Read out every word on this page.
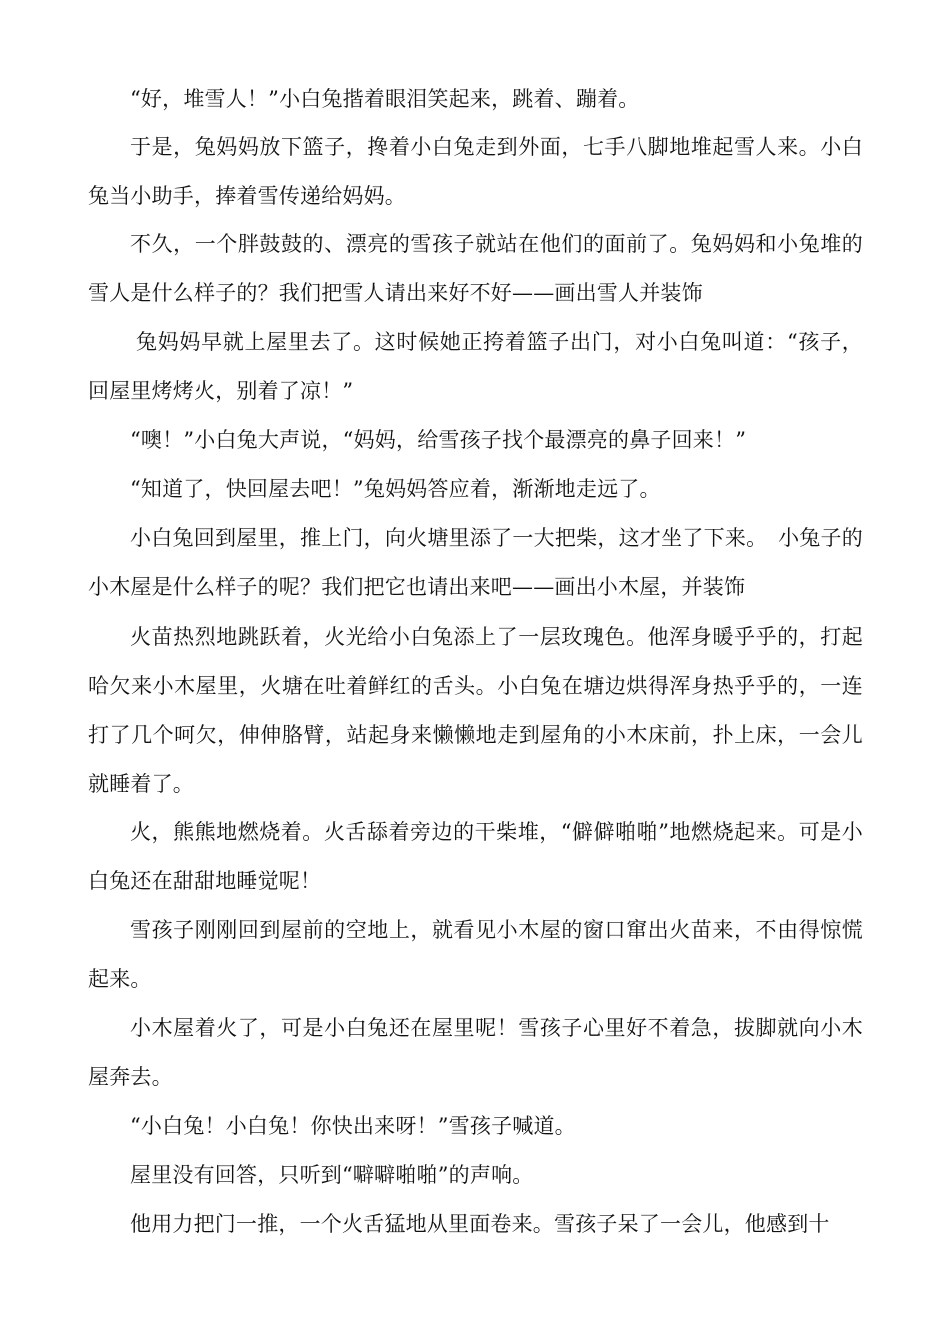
“好，堆雪人！”小白兔揩着眼泪笑起来，跳着、蹦着。

于是，兔妈妈放下篮子，搀着小白兔走到外面，七手八脚地堆起雪人来。小白兔当小助手，捧着雪传递给妈妈。

不久，一个胖鼓鼓的、漂亮的雪孩子就站在他们的面前了。兔妈妈和小兔堆的雪人是什么样子的？我们把雪人请出来好不好——画出雪人并装饰

兔妈妈早就上屋里去了。这时候她正挎着篮子出门，对小白兔叫道：“孩子，回屋里烤烤火，别着了凉！”

“噢！”小白兔大声说，“妈妈，给雪孩子找个最漂亮的鼻子回来！”

“知道了，快回屋去吧！”兔妈妈答应着，渐渐地走远了。

小白兔回到屋里，推上门，向火塘里添了一大把柴，这才坐了下来。　小兔子的小木屋是什么样子的呢？我们把它也请出来吧——画出小木屋，并装饰

火苗热烈地跳跃着，火光给小白兔添上了一层玫瑰色。他浑身暖乎乎的，打起哈欠来小木屋里，火塘在吐着鲜红的舌头。小白兔在塘边烘得浑身热乎乎的，一连打了几个呵欠，伸伸胳臂，站起身来懒懒地走到屋角的小木床前，扑上床，一会儿就睡着了。

火，熊熊地燃烧着。火舌舔着旁边的干柴堆，“僻僻啪啪”地燃烧起来。可是小白兔还在甜甜地睡觉呢！

雪孩子刚刚回到屋前的空地上，就看见小木屋的窗口窜出火苗来，不由得惊慌起来。

小木屋着火了，可是小白兔还在屋里呢！雪孩子心里好不着急，拔脚就向小木屋奔去。

“小白兔！小白兔！你快出来呀！”雪孩子喊道。

屋里没有回答，只听到“噼噼啪啪”的声响。

他用力把门一推，一个火舌猛地从里面卷来。雪孩子呆了一会儿，他感到十
